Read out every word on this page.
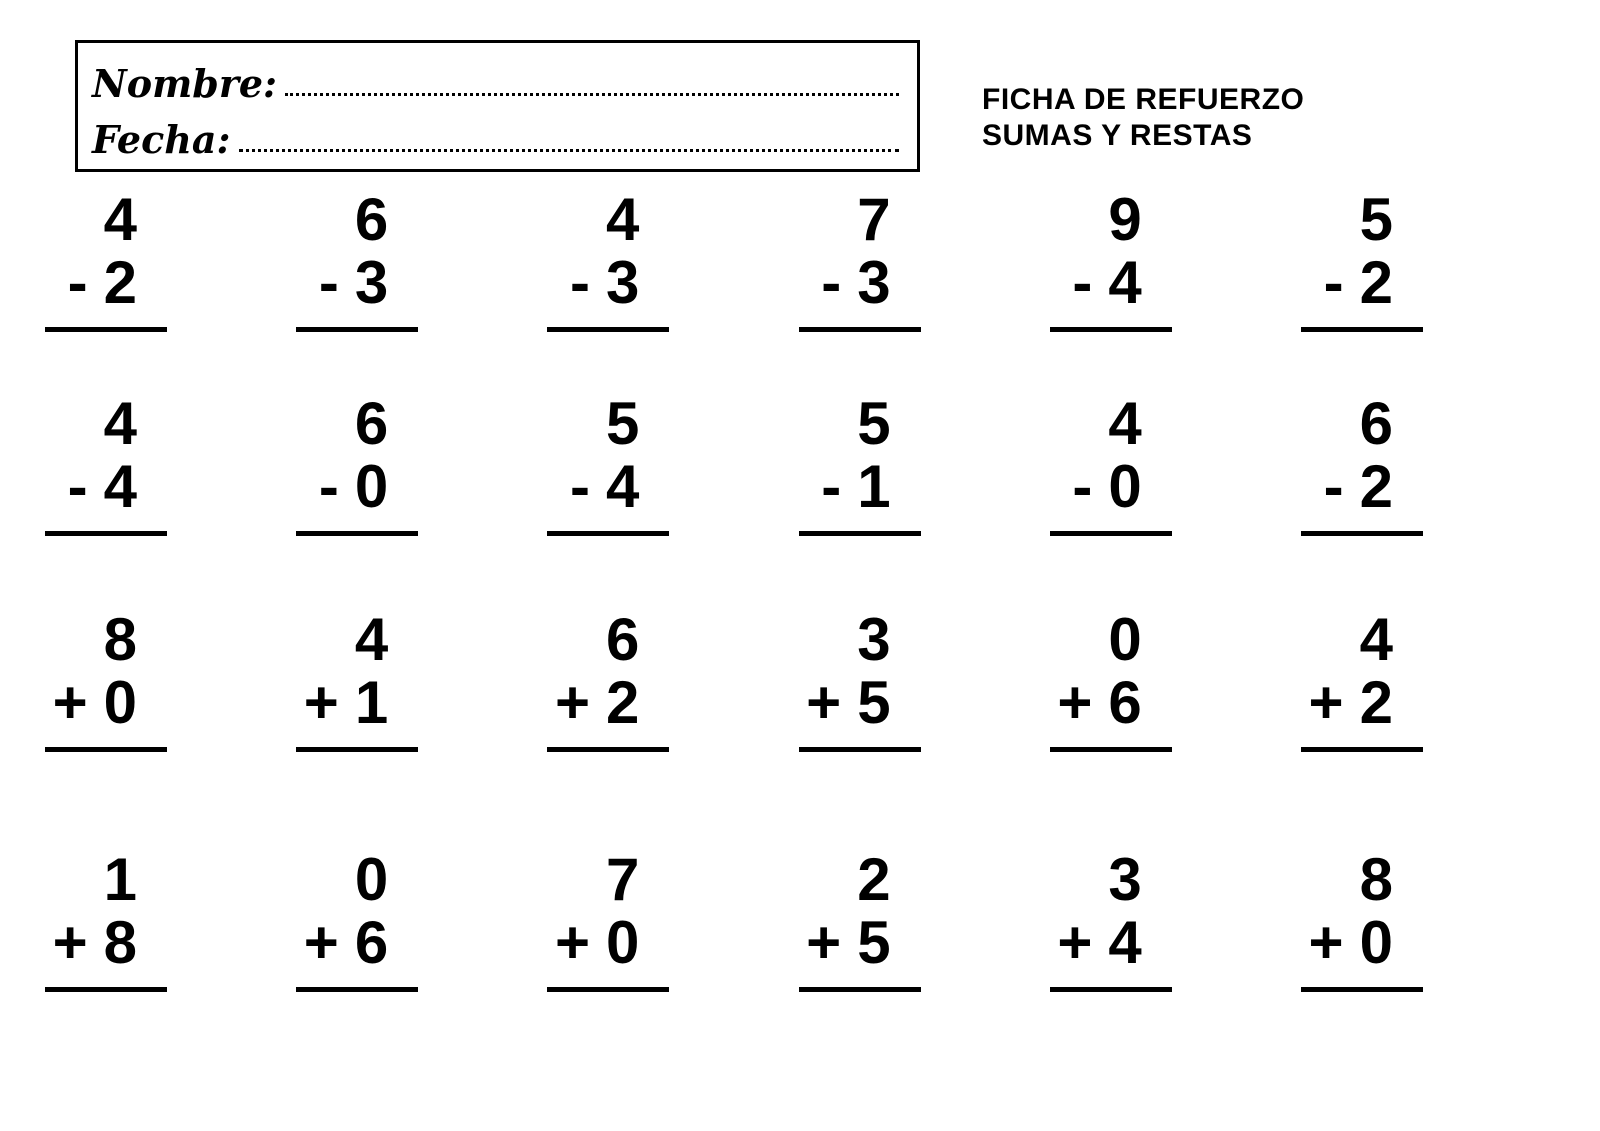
Nombre:
Fecha:
FICHA DE REFUERZO
SUMAS Y RESTAS
4
- 2
6
- 3
4
- 3
7
- 3
9
- 4
5
- 2
4
- 4
6
- 0
5
- 4
5
- 1
4
- 0
6
- 2
8
+ 0
4
+ 1
6
+ 2
3
+ 5
0
+ 6
4
+ 2
1
+ 8
0
+ 6
7
+ 0
2
+ 5
3
+ 4
8
+ 0
